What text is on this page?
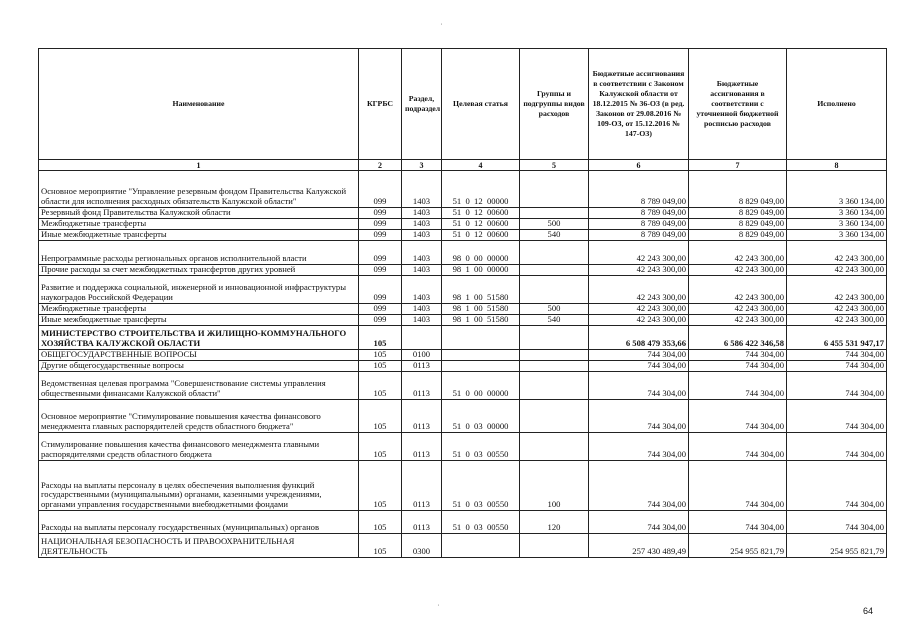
Наименование	КГРБС	Раздел, подраздел	Целевая статья	Группы и подгруппы видов расходов	Бюджетные ассигнования в соответствии с Законом Калужской области от 18.12.2015 № 36-ОЗ (в ред. Законов от 29.08.2016 № 109-ОЗ, от 15.12.2016 № 147-ОЗ)	Бюджетные ассигнования в соответствии с уточненной бюджетной росписью расходов	Исполнено
1	2	3	4	5	6	7	8
Основное мероприятие "Управление резервным фондом Правительства Калужской области для исполнения расходных обязательств Калужской области"	099	1403	51  0  12  00000		8 789 049,00	8 829 049,00	3 360 134,00
Резервный фонд Правительства Калужской области	099	1403	51  0  12  00600		8 789 049,00	8 829 049,00	3 360 134,00
Межбюджетные трансферты	099	1403	51  0  12  00600	500	8 789 049,00	8 829 049,00	3 360 134,00
Иные межбюджетные трансферты	099	1403	51  0  12  00600	540	8 789 049,00	8 829 049,00	3 360 134,00
Непрограммные расходы региональных органов исполнительной власти	099	1403	98  0  00  00000		42 243 300,00	42 243 300,00	42 243 300,00
Прочие расходы за счет межбюджетных трансфертов других уровней	099	1403	98  1  00  00000		42 243 300,00	42 243 300,00	42 243 300,00
Развитие и поддержка социальной, инженерной и инновационной инфраструктуры наукоградов Российской Федерации	099	1403	98  1  00  51580		42 243 300,00	42 243 300,00	42 243 300,00
Межбюджетные трансферты	099	1403	98  1  00  51580	500	42 243 300,00	42 243 300,00	42 243 300,00
Иные межбюджетные трансферты	099	1403	98  1  00  51580	540	42 243 300,00	42 243 300,00	42 243 300,00
МИНИСТЕРСТВО СТРОИТЕЛЬСТВА И ЖИЛИЩНО-КОММУНАЛЬНОГО ХОЗЯЙСТВА КАЛУЖСКОЙ ОБЛАСТИ	105				6 508 479 353,66	6 586 422 346,58	6 455 531 947,17
ОБЩЕГОСУДАРСТВЕННЫЕ ВОПРОСЫ	105	0100			744 304,00	744 304,00	744 304,00
Другие общегосударственные вопросы	105	0113			744 304,00	744 304,00	744 304,00
Ведомственная целевая программа "Совершенствование системы управления общественными финансами Калужской области"	105	0113	51  0  00  00000		744 304,00	744 304,00	744 304,00
Основное мероприятие "Стимулирование повышения качества финансового менеджмента главных распорядителей средств областного бюджета"	105	0113	51  0  03  00000		744 304,00	744 304,00	744 304,00
Стимулирование повышения качества финансового менеджмента главными распорядителями средств областного бюджета	105	0113	51  0  03  00550		744 304,00	744 304,00	744 304,00
Расходы на выплаты персоналу в целях обеспечения выполнения функций государственными (муниципальными) органами, казенными учреждениями, органами управления государственными внебюджетными фондами	105	0113	51  0  03  00550	100	744 304,00	744 304,00	744 304,00
Расходы на выплаты персоналу государственных (муниципальных) органов	105	0113	51  0  03  00550	120	744 304,00	744 304,00	744 304,00
НАЦИОНАЛЬНАЯ БЕЗОПАСНОСТЬ И ПРАВООХРАНИТЕЛЬНАЯ ДЕЯТЕЛЬНОСТЬ	105	0300			257 430 489,49	254 955 821,79	254 955 821,79
64
˙
˙
